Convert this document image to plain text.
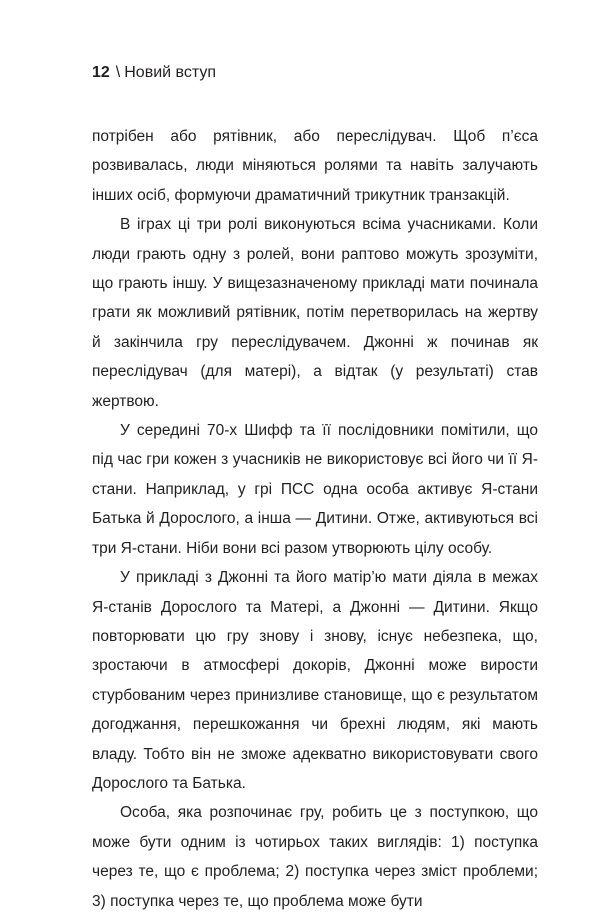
12 \ Новий вступ

потрібен або рятівник, або переслідувач. Щоб п’єса розвивалась, люди міняються ролями та навіть залучають інших осіб, формуючи драматичний трикутник транзакцій.

В іграх ці три ролі виконуються всіма учасниками. Коли люди грають одну з ролей, вони раптово можуть зрозуміти, що грають іншу. У вищезазначеному прикладі мати починала грати як можливий рятівник, потім перетворилась на жертву й закінчила гру переслідувачем. Джонні ж починав як переслідувач (для матері), а відтак (у результаті) став жертвою.

У середині 70-х Шифф та її послідовники помітили, що під час гри кожен з учасників не використовує всі його чи її Я-стани. Наприклад, у грі ПСС одна особа активує Я-стани Батька й Дорослого, а інша — Дитини. Отже, активуються всі три Я-стани. Ніби вони всі разом утворюють цілу особу.

У прикладі з Джонні та його матір’ю мати діяла в межах Я-станів Дорослого та Матері, а Джонні — Дитини. Якщо повторювати цю гру знову і знову, існує небезпека, що, зростаючи в атмосфері докорів, Джонні може вирости стурбованим через принизливе становище, що є результатом догоджання, перешкожання чи брехні людям, які мають владу. Тобто він не зможе адекватно використовувати свого Дорослого та Батька.

Особа, яка розпочинає гру, робить це з поступкою, що може бути одним із чотирьох таких виглядів: 1) поступка через те, що є проблема; 2) поступка через зміст проблеми; 3) поступка через те, що проблема може бути
